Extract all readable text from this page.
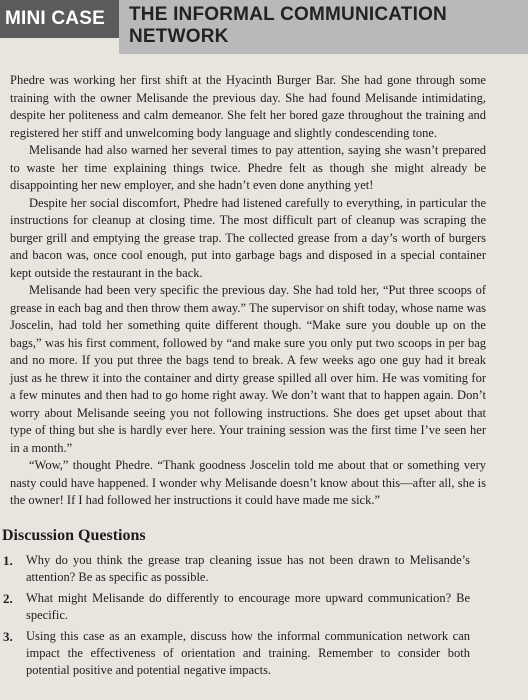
MINI CASE	THE INFORMAL COMMUNICATION
NETWORK

Phedre was working her first shift at the Hyacinth Burger Bar. She had gone through some training with the owner Melisande the previous day. She had found Melisande intimidating, despite her politeness and calm demeanor. She felt her bored gaze throughout the training and registered her stiff and unwelcoming body language and slightly condescending tone.

Melisande had also warned her several times to pay attention, saying she wasn’t prepared to waste her time explaining things twice. Phedre felt as though she might already be disappointing her new employer, and she hadn’t even done anything yet!

Despite her social discomfort, Phedre had listened carefully to everything, in particular the instructions for cleanup at closing time. The most difficult part of cleanup was scraping the burger grill and emptying the grease trap. The collected grease from a day’s worth of burgers and bacon was, once cool enough, put into garbage bags and disposed in a special container kept outside the restaurant in the back.

Melisande had been very specific the previous day. She had told her, “Put three scoops of grease in each bag and then throw them away.” The supervisor on shift today, whose name was Joscelin, had told her something quite different though. “Make sure you double up on the bags,” was his first comment, followed by “and make sure you only put two scoops in per bag and no more. If you put three the bags tend to break. A few weeks ago one guy had it break just as he threw it into the container and dirty grease spilled all over him. He was vomiting for a few minutes and then had to go home right away. We don’t want that to happen again. Don’t worry about Melisande seeing you not following instructions. She does get upset about that type of thing but she is hardly ever here. Your training session was the first time I’ve seen her in a month.”

“Wow,” thought Phedre. “Thank goodness Joscelin told me about that or something very nasty could have happened. I wonder why Melisande doesn’t know about this—after all, she is the owner! If I had followed her instructions it could have made me sick.”

Discussion Questions
1. Why do you think the grease trap cleaning issue has not been drawn to Melisande’s attention? Be as specific as possible.
2. What might Melisande do differently to encourage more upward communication? Be specific.
3. Using this case as an example, discuss how the informal communication network can impact the effectiveness of orientation and training. Remember to consider both potential positive and potential negative impacts.
